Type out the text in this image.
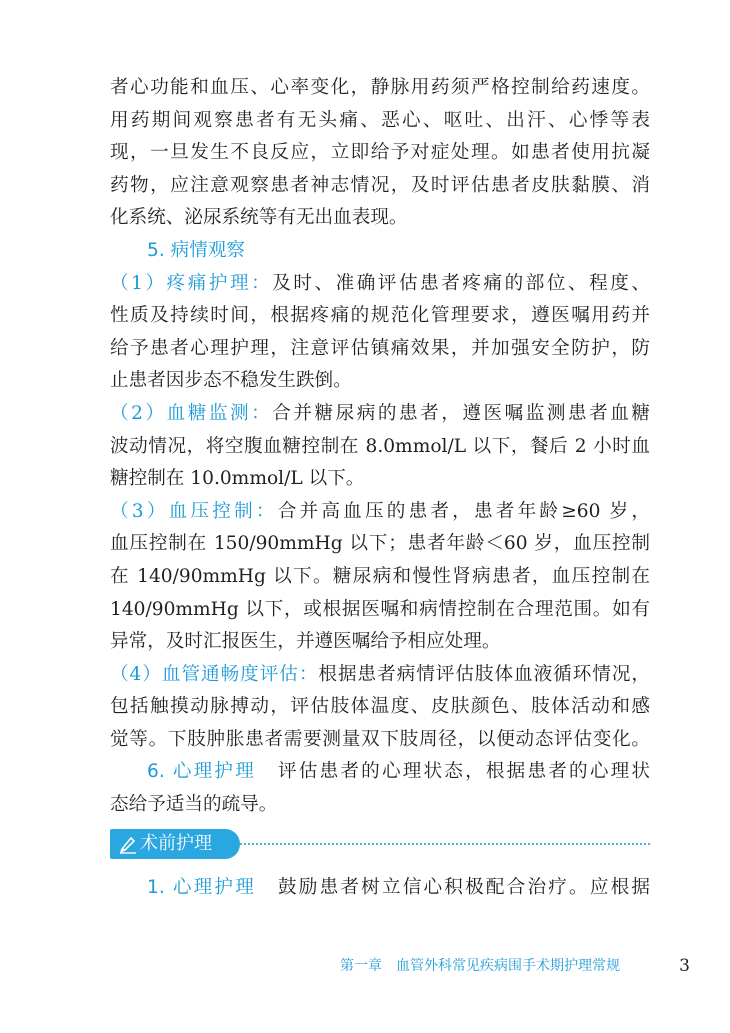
者心功能和血压、心率变化，静脉用药须严格控制给药速度。
用药期间观察患者有无头痛、恶心、呕吐、出汗、心悸等表
现，一旦发生不良反应，立即给予对症处理。如患者使用抗凝
药物，应注意观察患者神志情况，及时评估患者皮肤黏膜、消
化系统、泌尿系统等有无出血表现。
5. 病情观察
（1）疼痛护理：及时、准确评估患者疼痛的部位、程度、
性质及持续时间，根据疼痛的规范化管理要求，遵医嘱用药并
给予患者心理护理，注意评估镇痛效果，并加强安全防护，防
止患者因步态不稳发生跌倒。
（2）血糖监测：合并糖尿病的患者，遵医嘱监测患者血糖
波动情况，将空腹血糖控制在 8.0mmol/L 以下，餐后 2 小时血
糖控制在 10.0mmol/L 以下。
（3）血压控制：合并高血压的患者，患者年龄≥60 岁，
血压控制在 150/90mmHg 以下；患者年龄＜60 岁，血压控制
在 140/90mmHg 以下。糖尿病和慢性肾病患者，血压控制在
140/90mmHg 以下，或根据医嘱和病情控制在合理范围。如有
异常，及时汇报医生，并遵医嘱给予相应处理。
（4）血管通畅度评估：根据患者病情评估肢体血液循环情况，
包括触摸动脉搏动，评估肢体温度、皮肤颜色、肢体活动和感
觉等。下肢肿胀患者需要测量双下肢周径，以便动态评估变化。
6. 心理护理 评估患者的心理状态，根据患者的心理状
态给予适当的疏导。
术前护理
1. 心理护理 鼓励患者树立信心积极配合治疗。应根据
第一章　血管外科常见疾病围手术期护理常规	3
